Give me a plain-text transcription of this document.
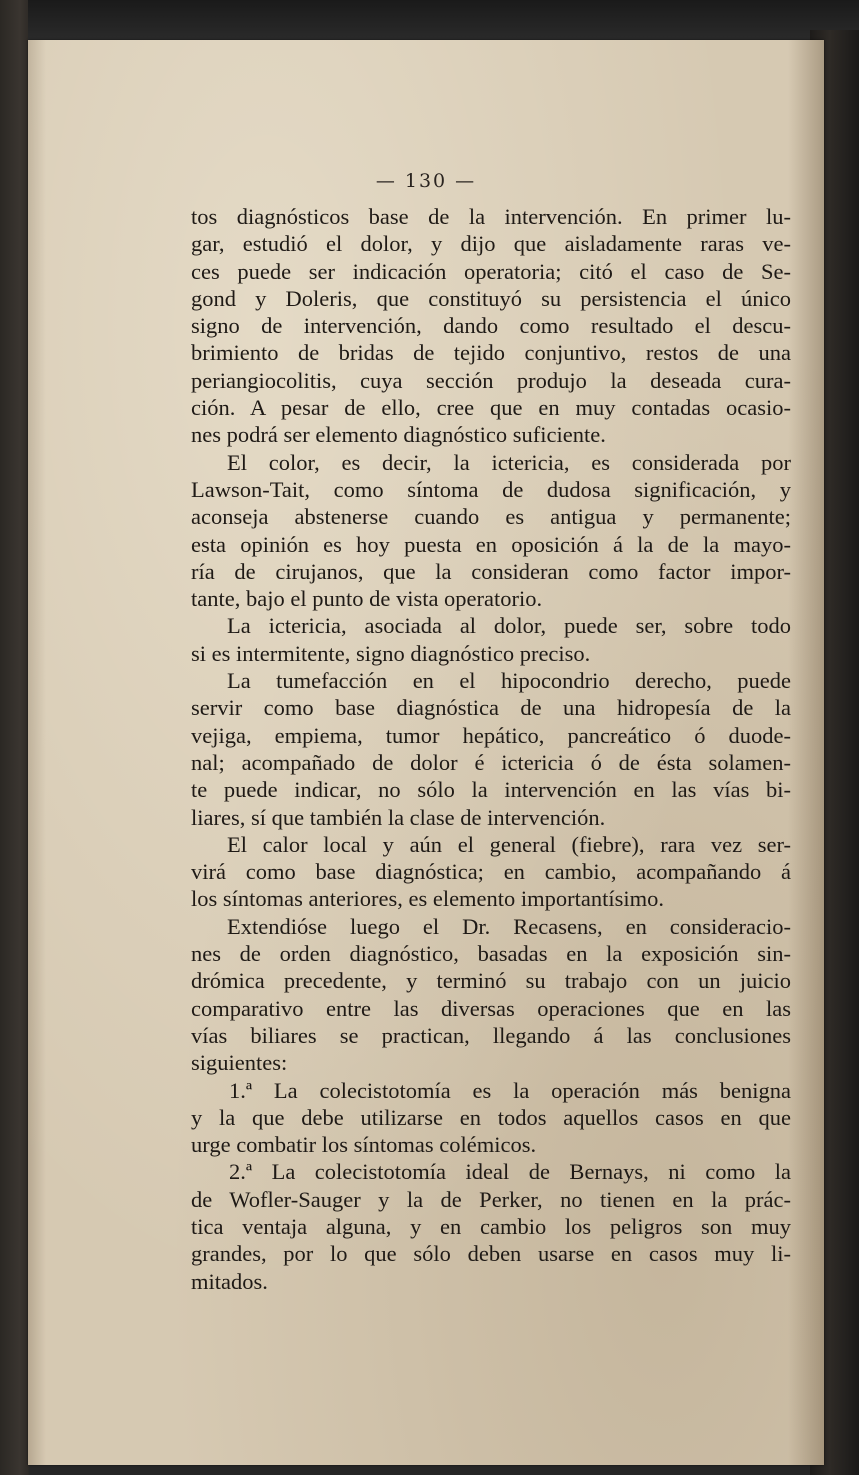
— 130 —
tos diagnósticos base de la intervención. En primer lu-
gar, estudió el dolor, y dijo que aisladamente raras ve-
ces puede ser indicación operatoria; citó el caso de Se-
gond y Doleris, que constituyó su persistencia el único
signo de intervención, dando como resultado el descu-
brimiento de bridas de tejido conjuntivo, restos de una
periangiocolitis, cuya sección produjo la deseada cura-
ción. A pesar de ello, cree que en muy contadas ocasio-
nes podrá ser elemento diagnóstico suficiente.
El color, es decir, la ictericia, es considerada por
Lawson-Tait, como síntoma de dudosa significación, y
aconseja abstenerse cuando es antigua y permanente;
esta opinión es hoy puesta en oposición á la de la mayo-
ría de cirujanos, que la consideran como factor impor-
tante, bajo el punto de vista operatorio.
La ictericia, asociada al dolor, puede ser, sobre todo
si es intermitente, signo diagnóstico preciso.
La tumefacción en el hipocondrio derecho, puede
servir como base diagnóstica de una hidropesía de la
vejiga, empiema, tumor hepático, pancreático ó duode-
nal; acompañado de dolor é ictericia ó de ésta solamen-
te puede indicar, no sólo la intervención en las vías bi-
liares, sí que también la clase de intervención.
El calor local y aún el general (fiebre), rara vez ser-
virá como base diagnóstica; en cambio, acompañando á
los síntomas anteriores, es elemento importantísimo.
Extendióse luego el Dr. Recasens, en consideracio-
nes de orden diagnóstico, basadas en la exposición sin-
drómica precedente, y terminó su trabajo con un juicio
comparativo entre las diversas operaciones que en las
vías biliares se practican, llegando á las conclusiones
siguientes:
1.ª La colecistotomía es la operación más benigna
y la que debe utilizarse en todos aquellos casos en que
urge combatir los síntomas colémicos.
2.ª La colecistotomía ideal de Bernays, ni como la
de Wofler-Sauger y la de Perker, no tienen en la prác-
tica ventaja alguna, y en cambio los peligros son muy
grandes, por lo que sólo deben usarse en casos muy li-
mitados.
